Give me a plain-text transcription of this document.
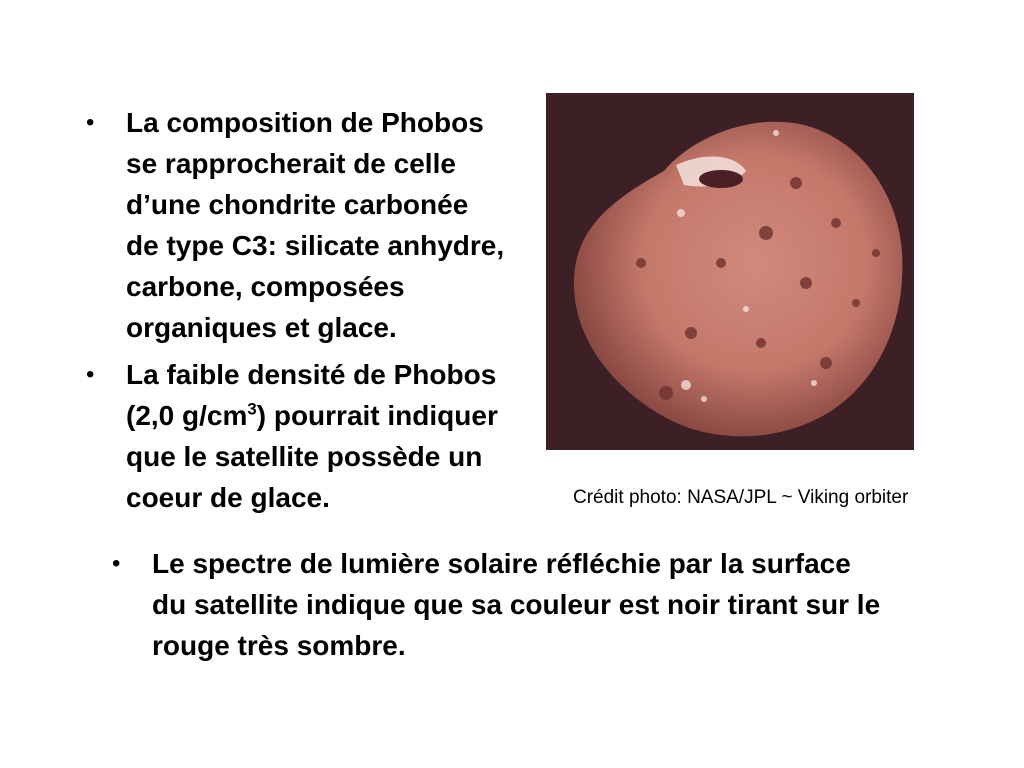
• La composition de Phobos se rapprocherait de celle d’une chondrite carbonée de type C3: silicate anhydre, carbone, composées organiques et glace.
• La faible densité de Phobos (2,0 $g/cm^3$) pourrait indiquer que le satellite possède un coeur de glace.	Crédit photo: NASA/JPL ~ Viking orbiter
• Le spectre de lumière solaire réfléchie par la surface du satellite indique que sa couleur est noir tirant sur le rouge très sombre.
